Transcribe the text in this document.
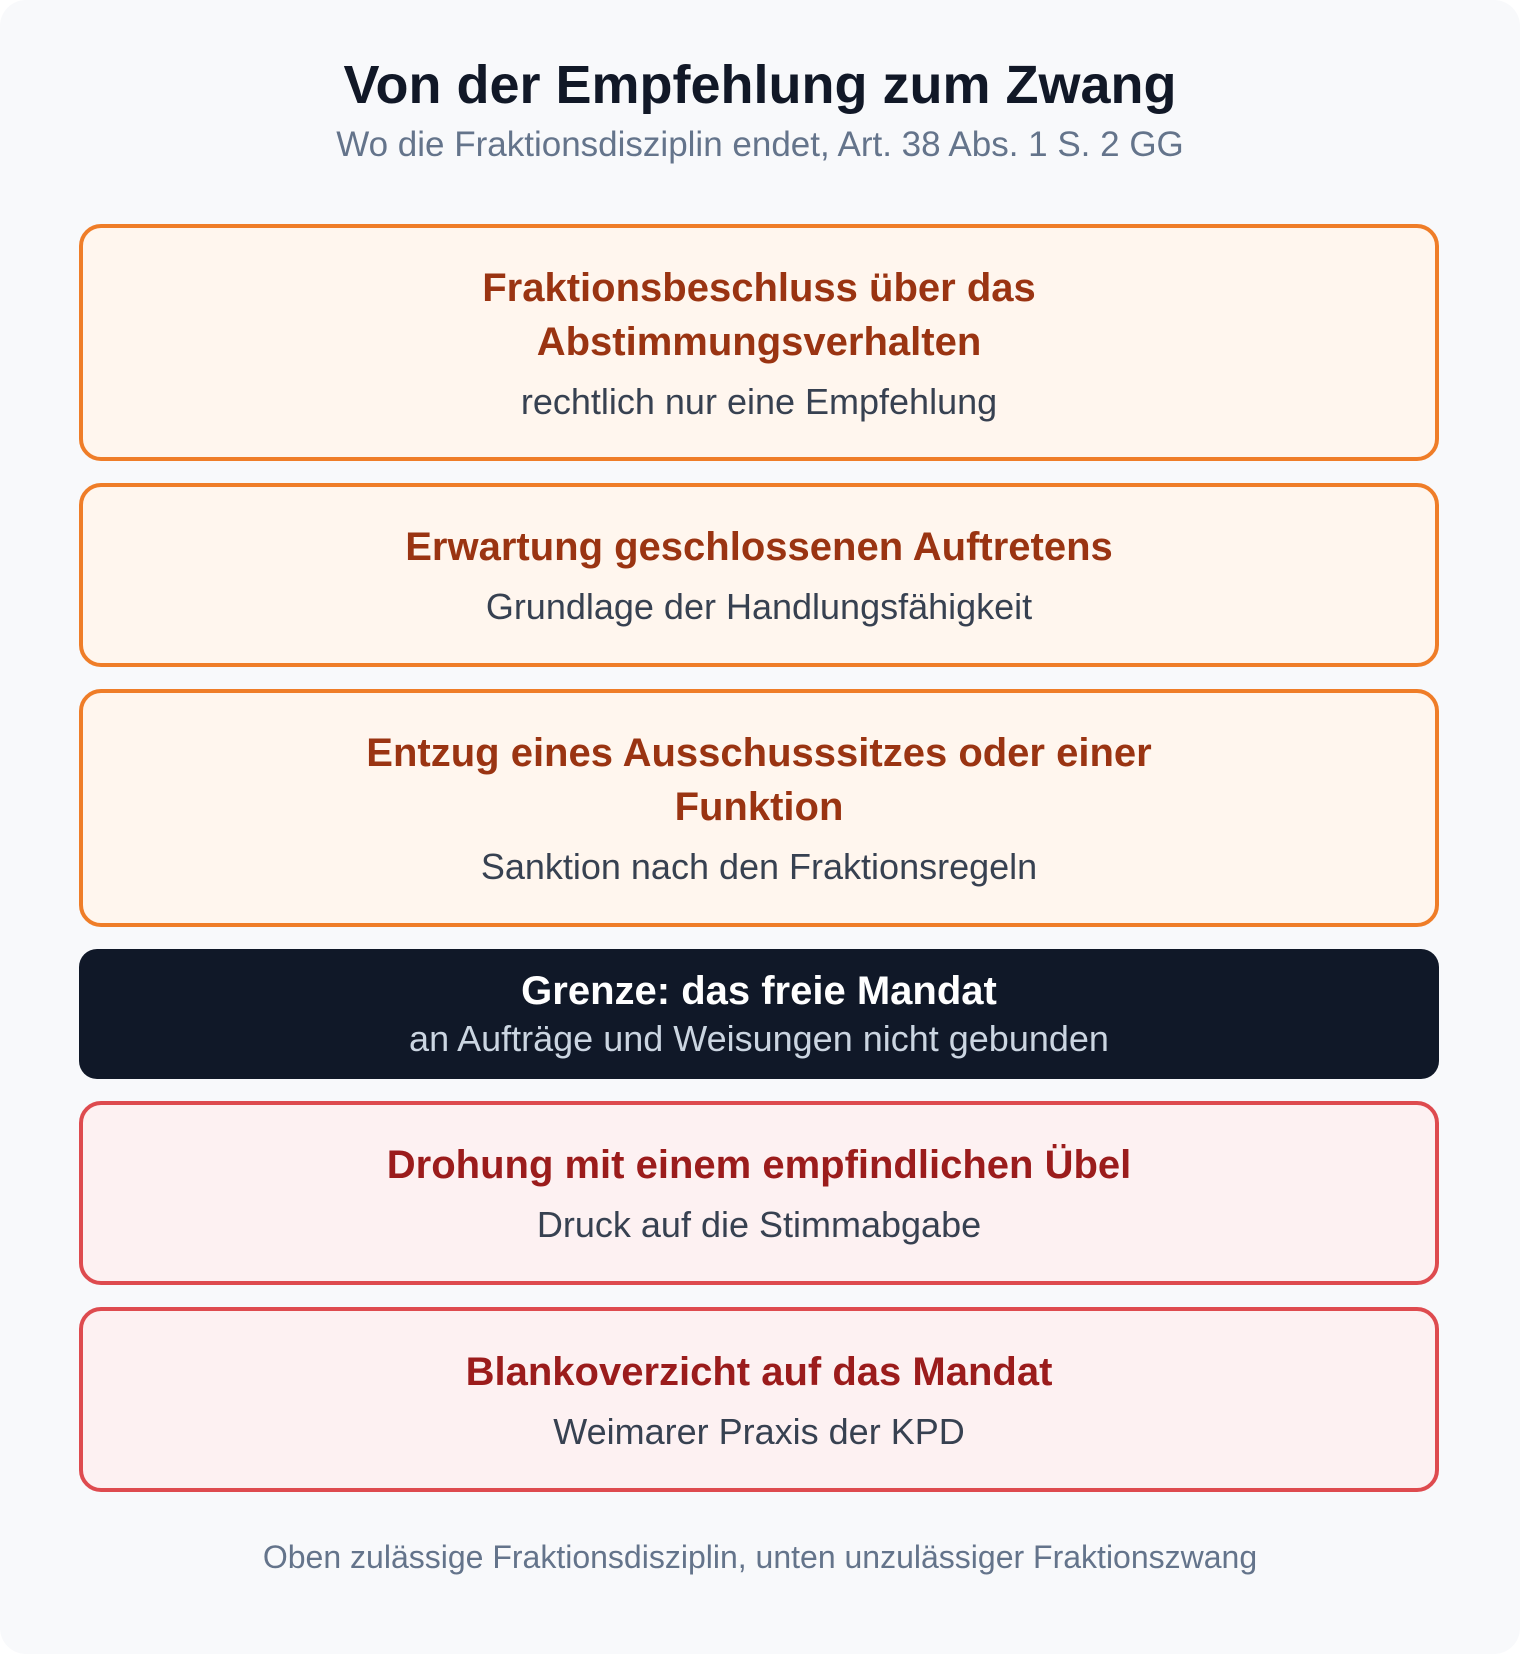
Von der Empfehlung zum Zwang
Wo die Fraktionsdisziplin endet, Art. 38 Abs. 1 S. 2 GG
Fraktionsbeschluss über das Abstimmungsverhalten
rechtlich nur eine Empfehlung
Erwartung geschlossenen Auftretens
Grundlage der Handlungsfähigkeit
Entzug eines Ausschusssitzes oder einer Funktion
Sanktion nach den Fraktionsregeln
Grenze: das freie Mandat
an Aufträge und Weisungen nicht gebunden
Drohung mit einem empfindlichen Übel
Druck auf die Stimmabgabe
Blankoverzicht auf das Mandat
Weimarer Praxis der KPD
Oben zulässige Fraktionsdisziplin, unten unzulässiger Fraktionszwang
